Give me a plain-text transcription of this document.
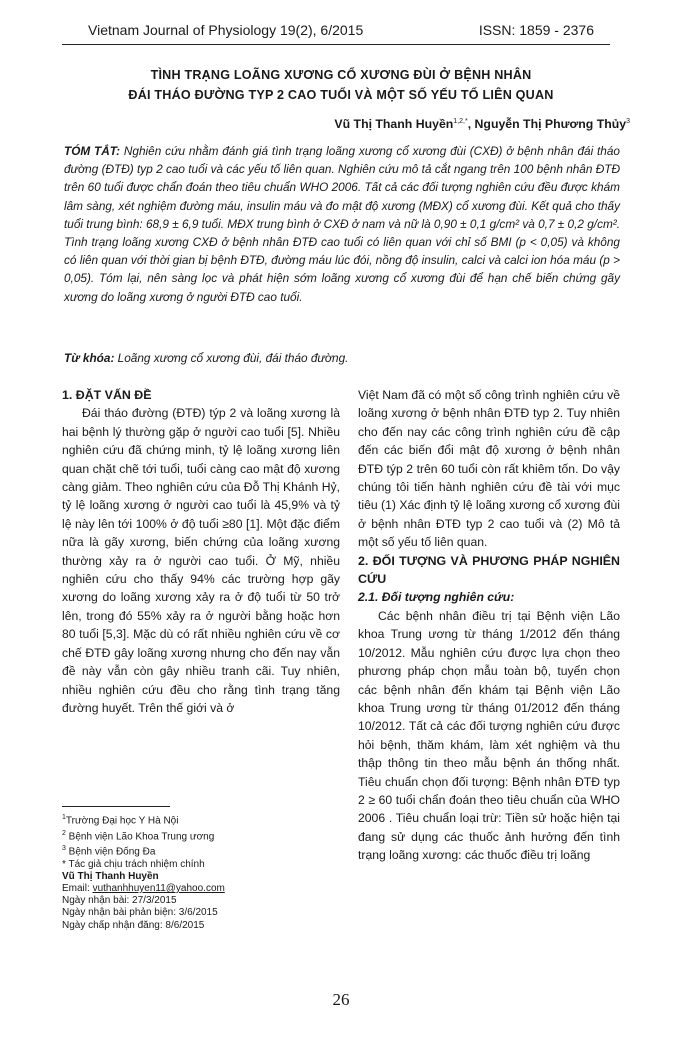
Vietnam Journal of Physiology 19(2), 6/2015	ISSN: 1859 - 2376
TÌNH TRẠNG LOÃNG XƯƠNG CỔ XƯƠNG ĐÙI Ở BỆNH NHÂN
ĐÁI THÁO ĐƯỜNG TYP 2 CAO TUỔI VÀ MỘT SỐ YẾU TỐ LIÊN QUAN
Vũ Thị Thanh Huyền$^{1,2,*}$, Nguyễn Thị Phương Thủy$^3$
TÓM TẮT: Nghiên cứu nhằm đánh giá tình trạng loãng xương cổ xương đùi (CXĐ) ở bệnh nhân đái tháo đường (ĐTĐ) typ 2 cao tuổi và các yếu tố liên quan. Nghiên cứu mô tả cắt ngang trên 100 bệnh nhân ĐTĐ trên 60 tuổi được chẩn đoán theo tiêu chuẩn WHO 2006. Tất cả các đối tượng nghiên cứu đều được khám lâm sàng, xét nghiệm đường máu, insulin máu và đo mật độ xương (MĐX) cổ xương đùi. Kết quả cho thấy tuổi trung bình: 68,9 ± 6,9 tuổi. MĐX trung bình ở CXĐ ở nam và nữ là 0,90 ± 0,1 g/cm² và 0,7 ± 0,2 g/cm². Tình trạng loãng xương CXĐ ở bệnh nhân ĐTĐ cao tuổi có liên quan với chỉ số BMI (p < 0,05) và không có liên quan với thời gian bị bệnh ĐTĐ, đường máu lúc đói, nồng độ insulin, calci và calci ion hóa máu (p > 0,05). Tóm lại, nên sàng lọc và phát hiện sớm loãng xương cổ xương đùi để hạn chế biến chứng gãy xương do loãng xương ở người ĐTĐ cao tuổi.
Từ khóa: Loãng xương cổ xương đùi, đái tháo đường.

1. ĐẶT VẤN ĐỀ

Đái tháo đường (ĐTĐ) týp 2 và loãng xương là hai bệnh lý thường gặp ở người cao tuổi [5]. Nhiều nghiên cứu đã chứng minh, tỷ lệ loãng xương liên quan chặt chẽ tới tuổi, tuổi càng cao mật độ xương càng giảm. Theo nghiên cứu của Đỗ Thị Khánh Hỷ, tỷ lệ loãng xương ở người cao tuổi là 45,9% và tỷ lệ này lên tới 100% ở độ tuổi ≥80 [1]. Một đặc điểm nữa là gãy xương, biến chứng của loãng xương thường xảy ra ở người cao tuổi. Ở Mỹ, nhiều nghiên cứu cho thấy 94% các trường hợp gãy xương do loãng xương xảy ra ở độ tuổi từ 50 trở lên, trong đó 55% xảy ra ở người bằng hoặc hơn 80 tuổi [5,3]. Mặc dù có rất nhiều nghiên cứu về cơ chế ĐTĐ gây loãng xương nhưng cho đến nay vẫn đề này vẫn còn gây nhiều tranh cãi. Tuy nhiên, nhiều nghiên cứu đều cho rằng tình trạng tăng đường huyết. Trên thế giới và ở

Việt Nam đã có một số công trình nghiên cứu về loãng xương ở bệnh nhân ĐTĐ typ 2. Tuy nhiên cho đến nay các công trình nghiên cứu đề cập đến các biến đổi mật độ xương ở bệnh nhân ĐTĐ týp 2 trên 60 tuổi còn rất khiêm tốn. Do vậy chúng tôi tiến hành nghiên cứu đề tài với mục tiêu (1) Xác định tỷ lệ loãng xương cổ xương đùi ở bệnh nhân ĐTĐ typ 2 cao tuổi và (2) Mô tả một số yếu tố liên quan.

2. ĐỐI TƯỢNG VÀ PHƯƠNG PHÁP NGHIÊN CỨU

2.1. Đối tượng nghiên cứu:

Các bệnh nhân điều trị tại Bệnh viện Lão khoa Trung ương từ tháng 1/2012 đến tháng 10/2012. Mẫu nghiên cứu được lựa chọn theo phương pháp chọn mẫu toàn bộ, tuyển chọn các bệnh nhân đến khám tại Bệnh viện Lão khoa Trung ương từ tháng 01/2012 đến tháng 10/2012. Tất cả các đối tượng nghiên cứu được hỏi bệnh, thăm khám, làm xét nghiệm và thu thập thông tin theo mẫu bệnh án thống nhất. Tiêu chuẩn chọn đối tượng: Bệnh nhân ĐTĐ typ 2 ≥ 60 tuổi chẩn đoán theo tiêu chuẩn của WHO 2006 . Tiêu chuẩn loại trừ: Tiền sử hoặc hiện tại đang sử dụng các thuốc ảnh hưởng đến tình trạng loãng xương: các thuốc điều trị loãng

$^1$Trường Đại học Y Hà Nội

$^2$ Bệnh viện Lão Khoa Trung ương

$^3$ Bệnh viện Đống Đa

* Tác giả chịu trách nhiệm chính

Vũ Thị Thanh Huyền

Email: vuthanhhuyen11@yahoo.com

Ngày nhận bài: 27/3/2015

Ngày nhận bài phản biện: 3/6/2015

Ngày chấp nhận đăng: 8/6/2015

26
